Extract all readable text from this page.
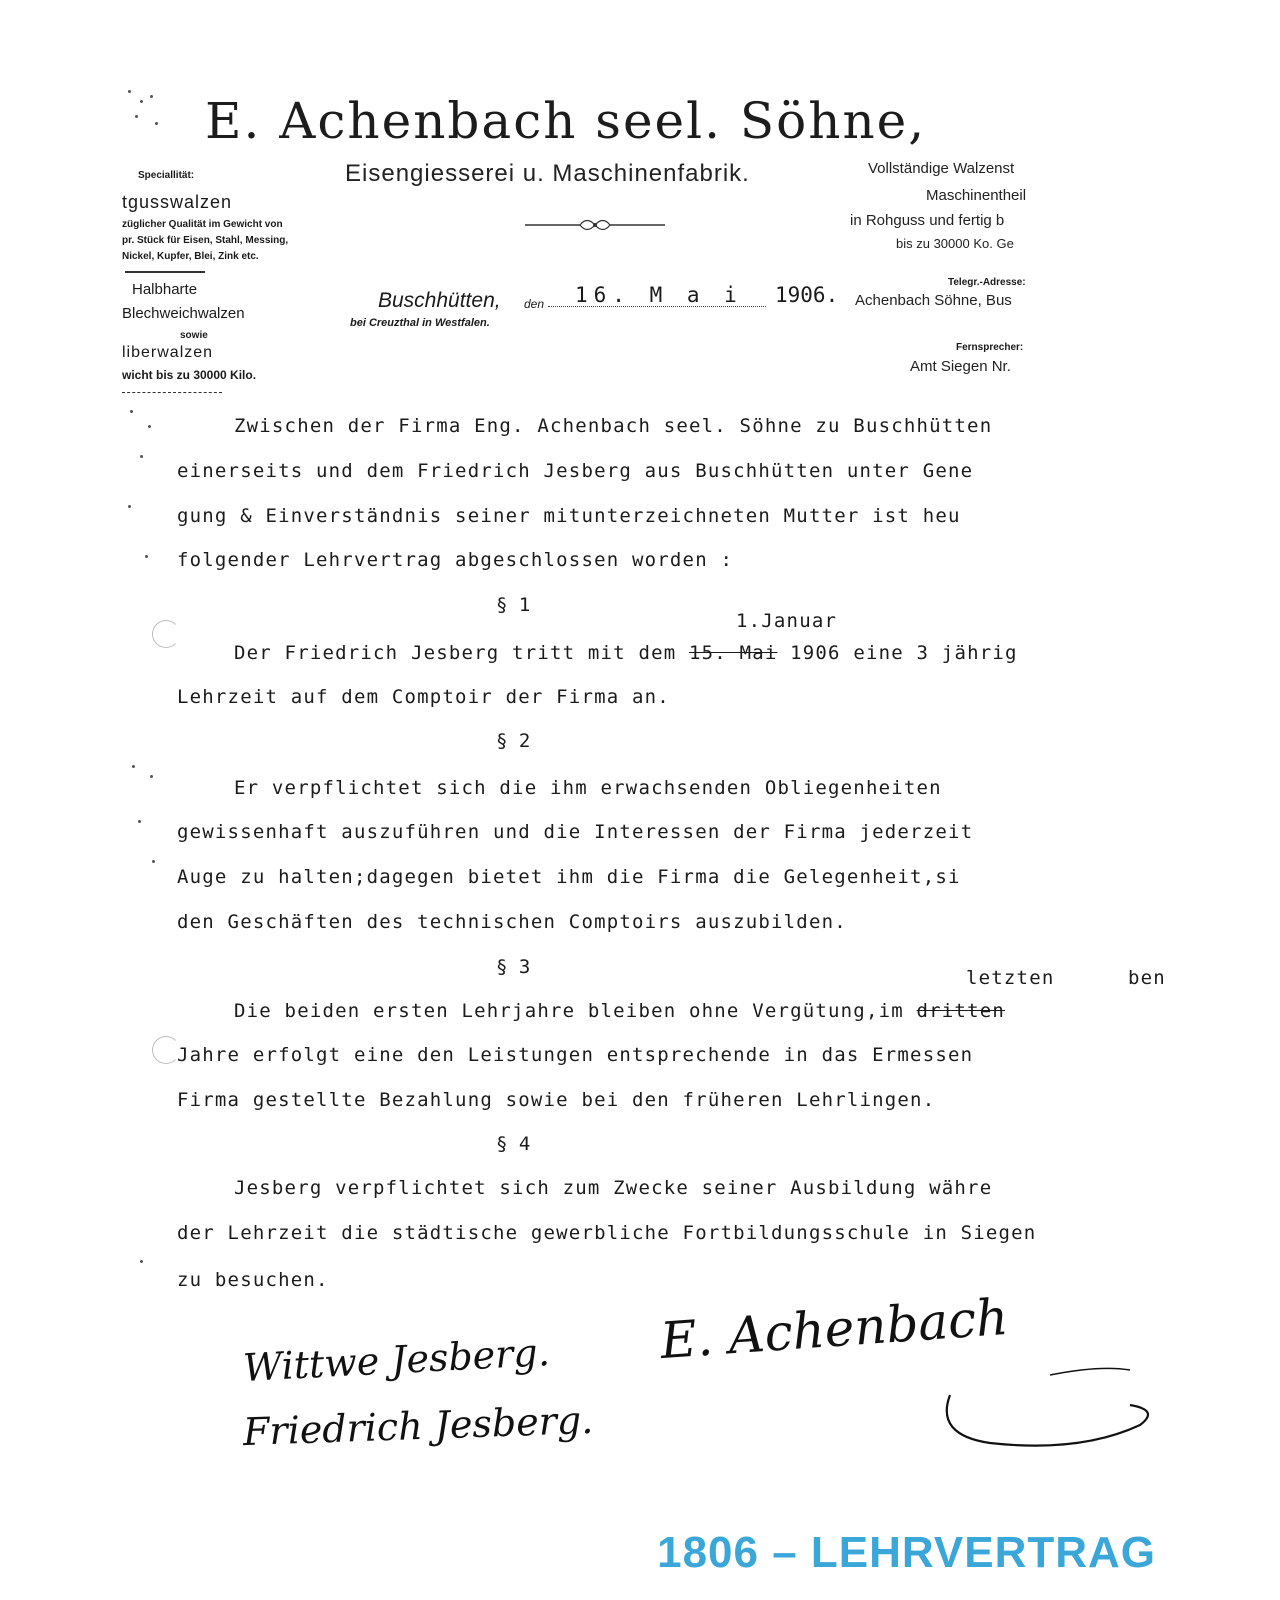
E. Achenbach seel. Söhne,
Eisengiesserei u. Maschinenfabrik.
Speciallität:
tgusswalzen
züglicher Qualität im Gewicht von
pr. Stück für Eisen, Stahl, Messing,
Nickel, Kupfer, Blei, Zink etc.
Halbharte
Blechweichwalzen
sowie
liberwalzen
wicht bis zu 30000 Kilo.
Vollständige Walzenst
Maschinentheil
in Rohguss und fertig b
bis zu 30000 Ko. Ge
Telegr.-Adresse:
Achenbach Söhne, Bus
Fernsprecher:
Amt Siegen Nr.
Buschhütten, den 16. M a i 1906.
bei Creuzthal in Westfalen.
Zwischen der Firma Eng. Achenbach seel. Söhne zu Buschhütten
einerseits und dem Friedrich Jesberg aus Buschhütten unter Gene
gung & Einverständnis seiner mitunterzeichneten Mutter ist heu
folgender Lehrvertrag abgeschlossen worden :
§ 1
1.Januar
Der Friedrich Jesberg tritt mit dem 15. Mai 1906 eine 3 jährig
Lehrzeit auf dem Comptoir der Firma an.
§ 2
Er verpflichtet sich die ihm erwachsenden Obliegenheiten
gewissenhaft auszuführen und die Interessen der Firma jederzeit
Auge zu halten;dagegen bietet ihm die Firma die Gelegenheit,si
den Geschäften des technischen Comptoirs auszubilden.
§ 3	letzten	ben
Die beiden ersten Lehrjahre bleiben ohne Vergütung,im dritten
Jahre erfolgt eine den Leistungen entsprechende in das Ermessen
Firma gestellte Bezahlung sowie bei den früheren Lehrlingen.
§ 4
Jesberg verpflichtet sich zum Zwecke seiner Ausbildung währe
der Lehrzeit die städtische gewerbliche Fortbildungsschule in Siegen
zu besuchen.
Wittwe Jesberg.
Friedrich Jesberg.
E. Achenbach
1806 – LEHRVERTRAG
